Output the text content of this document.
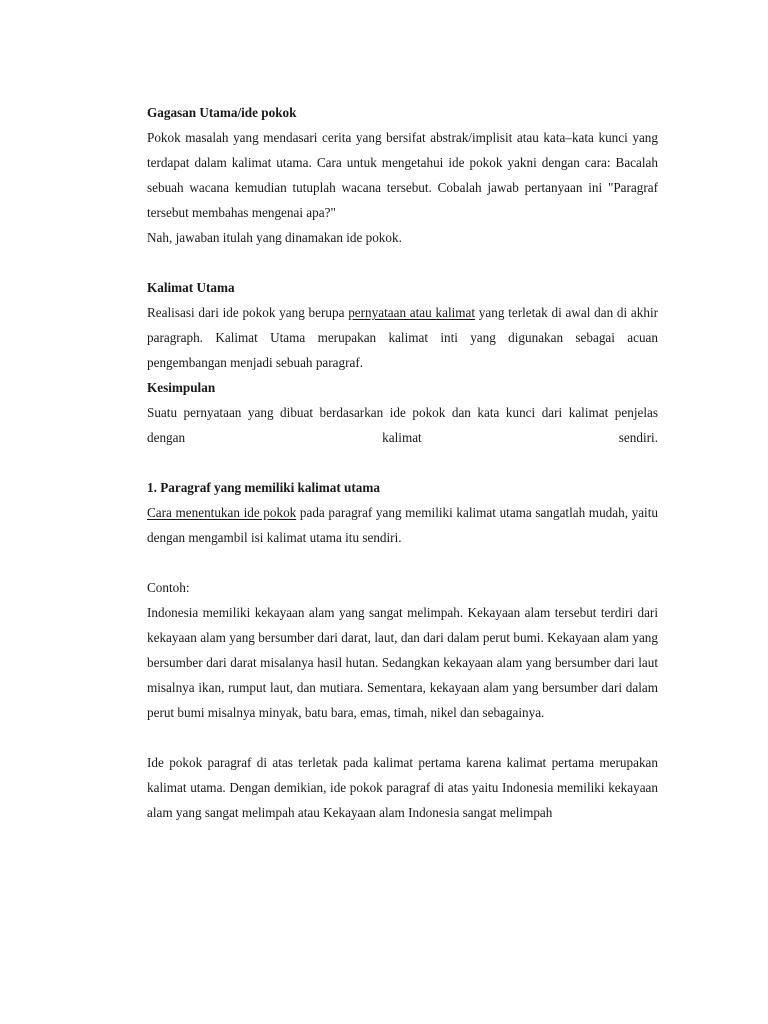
Gagasan Utama/ide pokok
Pokok masalah yang mendasari cerita yang bersifat abstrak/implisit atau kata–kata kunci yang terdapat dalam kalimat utama. Cara untuk mengetahui ide pokok yakni dengan cara: Bacalah sebuah wacana kemudian tutuplah wacana tersebut. Cobalah jawab pertanyaan ini "Paragraf tersebut membahas mengenai apa?"
Nah, jawaban itulah yang dinamakan ide pokok.
Kalimat Utama
Realisasi dari ide pokok yang berupa pernyataan atau kalimat yang terletak di awal dan di akhir paragraph. Kalimat Utama merupakan kalimat inti yang digunakan sebagai acuan pengembangan menjadi sebuah paragraf.
Kesimpulan
Suatu pernyataan yang dibuat berdasarkan ide pokok dan kata kunci dari kalimat penjelas dengan kalimat sendiri.
1. Paragraf yang memiliki kalimat utama
Cara menentukan ide pokok pada paragraf yang memiliki kalimat utama sangatlah mudah, yaitu dengan mengambil isi kalimat utama itu sendiri.
Contoh:
Indonesia memiliki kekayaan alam yang sangat melimpah. Kekayaan alam tersebut terdiri dari kekayaan alam yang bersumber dari darat, laut, dan dari dalam perut bumi. Kekayaan alam yang bersumber dari darat misalanya hasil hutan. Sedangkan kekayaan alam yang bersumber dari laut misalnya ikan, rumput laut, dan mutiara. Sementara, kekayaan alam yang bersumber dari dalam perut bumi misalnya minyak, batu bara, emas, timah, nikel dan sebagainya.
Ide pokok paragraf di atas terletak pada kalimat pertama karena kalimat pertama merupakan kalimat utama. Dengan demikian, ide pokok paragraf di atas yaitu Indonesia memiliki kekayaan alam yang sangat melimpah atau Kekayaan alam Indonesia sangat melimpah
